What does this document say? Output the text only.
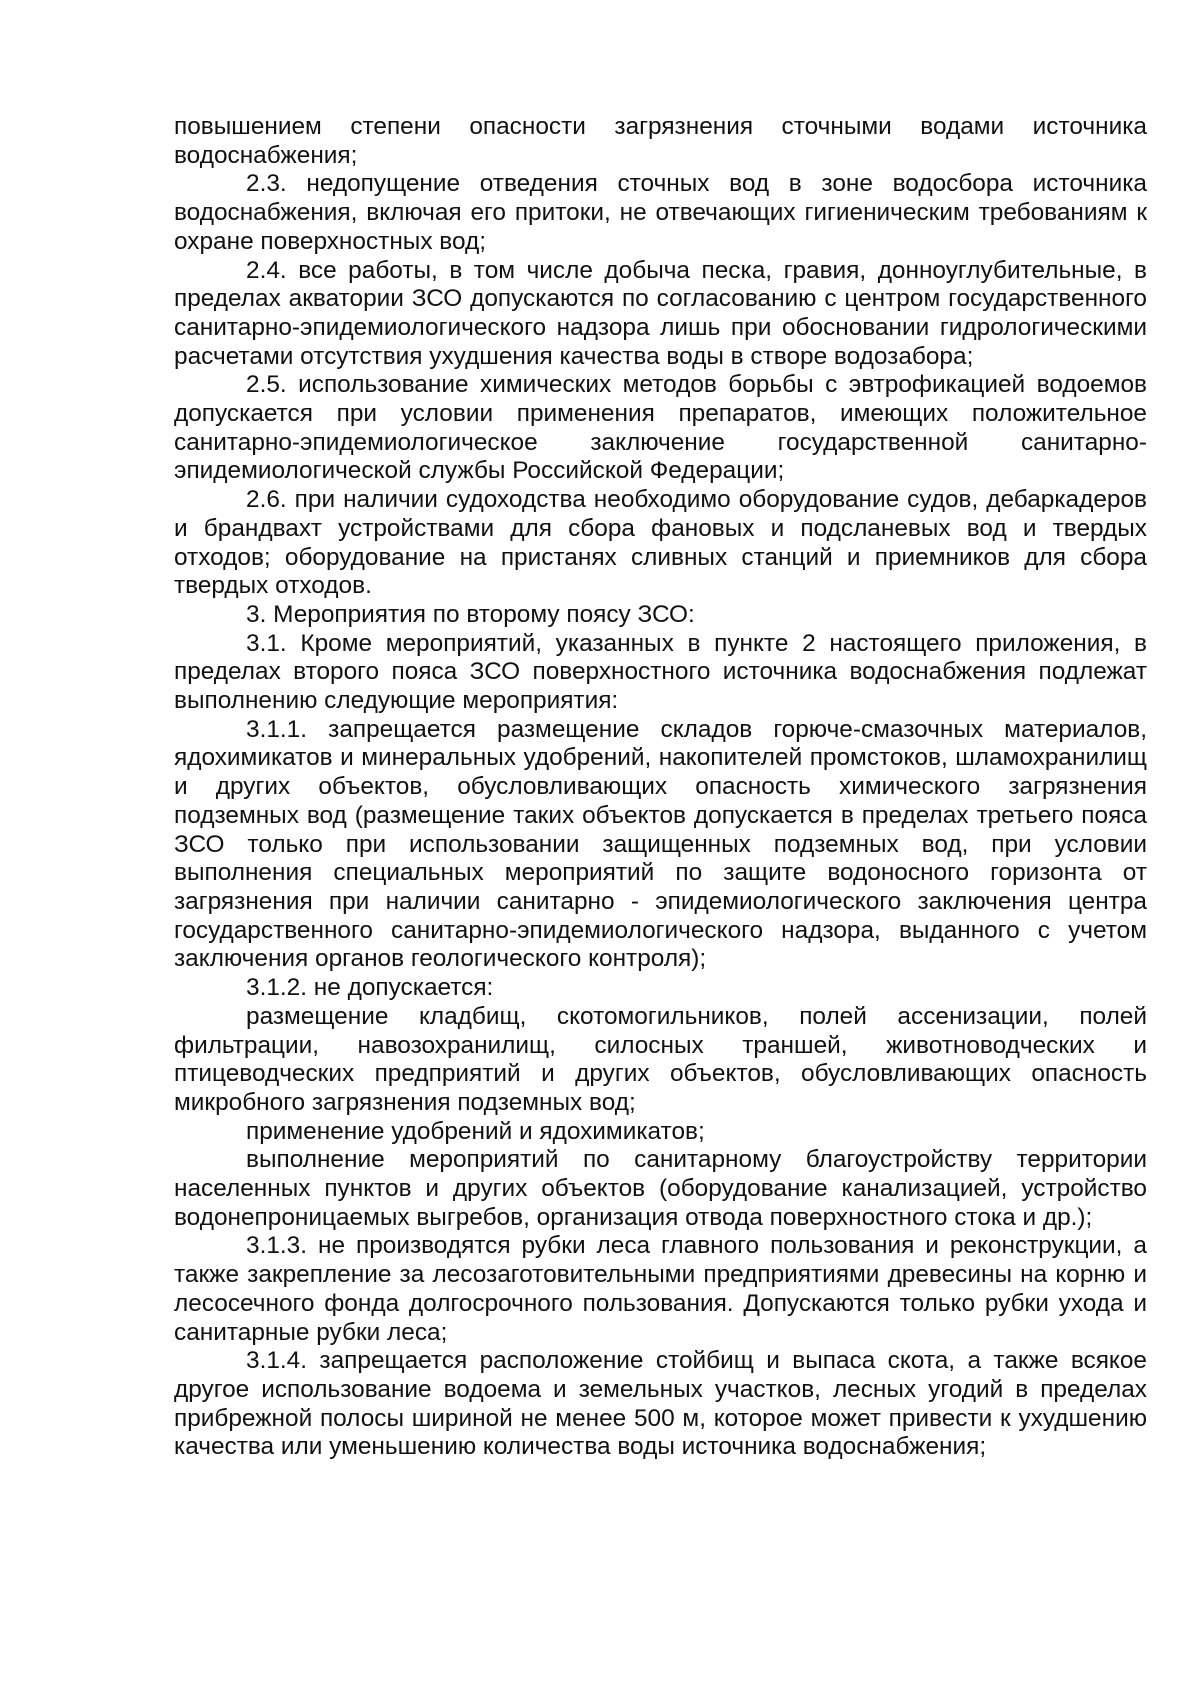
повышением степени опасности загрязнения сточными водами источника водоснабжения;

2.3. недопущение отведения сточных вод в зоне водосбора источника водоснабжения, включая его притоки, не отвечающих гигиеническим требованиям к охране поверхностных вод;

2.4. все работы, в том числе добыча песка, гравия, донноуглубительные, в пределах акватории ЗСО допускаются по согласованию с центром государственного санитарно-эпидемиологического надзора лишь при обосновании гидрологическими расчетами отсутствия ухудшения качества воды в створе водозабора;

2.5. использование химических методов борьбы с эвтрофикацией водоемов допускается при условии применения препаратов, имеющих положительное санитарно-эпидемиологическое заключение государственной санитарно-эпидемиологической службы Российской Федерации;

2.6. при наличии судоходства необходимо оборудование судов, дебаркадеров и брандвахт устройствами для сбора фановых и подсланевых вод и твердых отходов; оборудование на пристанях сливных станций и приемников для сбора твердых отходов.

3. Мероприятия по второму поясу ЗСО:

3.1. Кроме мероприятий, указанных в пункте 2 настоящего приложения, в пределах второго пояса ЗСО поверхностного источника водоснабжения подлежат выполнению следующие мероприятия:

3.1.1. запрещается размещение складов горюче-смазочных материалов, ядохимикатов и минеральных удобрений, накопителей промстоков, шламохранилищ и других объектов, обусловливающих опасность химического загрязнения подземных вод (размещение таких объектов допускается в пределах третьего пояса ЗСО только при использовании защищенных подземных вод, при условии выполнения специальных мероприятий по защите водоносного горизонта от загрязнения при наличии санитарно - эпидемиологического заключения центра государственного санитарно-эпидемиологического надзора, выданного с учетом заключения органов геологического контроля);

3.1.2. не допускается:

размещение кладбищ, скотомогильников, полей ассенизации, полей фильтрации, навозохранилищ, силосных траншей, животноводческих и птицеводческих предприятий и других объектов, обусловливающих опасность микробного загрязнения подземных вод;

применение удобрений и ядохимикатов;

выполнение мероприятий по санитарному благоустройству территории населенных пунктов и других объектов (оборудование канализацией, устройство водонепроницаемых выгребов, организация отвода поверхностного стока и др.);

3.1.3. не производятся рубки леса главного пользования и реконструкции, а также закрепление за лесозаготовительными предприятиями древесины на корню и лесосечного фонда долгосрочного пользования. Допускаются только рубки ухода и санитарные рубки леса;

3.1.4. запрещается расположение стойбищ и выпаса скота, а также всякое другое использование водоема и земельных участков, лесных угодий в пределах прибрежной полосы шириной не менее 500 м, которое может привести к ухудшению качества или уменьшению количества воды источника водоснабжения;
